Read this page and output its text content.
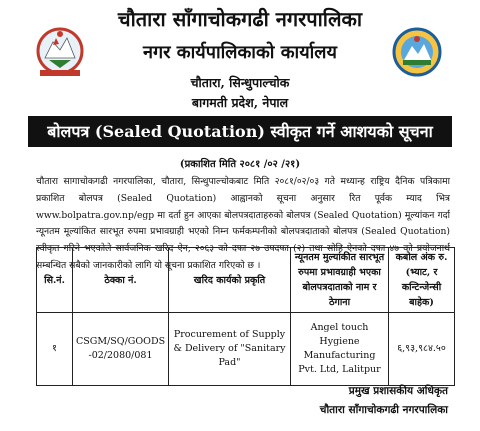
चौतारा साँगाचोकगढी नगरपालिका
नगर कार्यपालिकाको कार्यालय
चौतारा, सिन्धुपाल्चोक
बागमती प्रदेश, नेपाल
बोलपत्र (Sealed Quotation) स्वीकृत गर्ने आशयको सूचना
(प्रकाशित मिति २०८१ /०२ /२१)
चौतारा सागाचोकगढी नगरपालिका, चौतारा, सिन्धुपाल्चोकबाट मिति २०८१/०२/०३ गते मध्यान्ह राष्ट्रिय दैनिक पत्रिकामा प्रकाशित बोलपत्र (Sealed Quotation) आह्वानको सूचना अनुसार रित पूर्वक म्याद भित्र www.bolpatra.gov.np/egp मा दर्ता हुन आएका बोलपत्रदाताहरुको बोलपत्र (Sealed Quotation) मूल्यांकन गर्दा न्यूनतम मूल्यांकित सारभूत रुपमा प्रभावग्राही भएको निम्न फर्मकम्पनीको बोलपत्रदाताको बोलपत्र (Sealed Quotation) स्वीकृत गरिने भएकोले सार्वजनिक खरिद ऐन, २०६३ को दफा २७ उपदफा (२) तथा सोहि ऐनको दफा ४७ को प्रयोजनार्थ सम्बन्धित सबैको जानकारीको लागि यो सूचना प्रकाशित गरिएको छ ।
सि.नं.	ठेक्का नं.	खरिद कार्यको प्रकृति	न्यूनतम मुल्यांकीत सारभूत रुपमा प्रभावग्राही भएका बोलपत्रदाताको नाम र ठेगाना	कबोल अंक रु. (भ्याट, र कन्टिन्जेन्सी बाहेक)
१	CSGM/SQ/GOODS -02/2080/081	Procurement of Supply & Delivery of "Sanitary Pad"	Angel touch Hygiene Manufacturing Pvt. Ltd, Lalitpur	६,९३,९८४.५०
प्रमुख प्रशासकीय अधिकृत
चौतारा साँगाचोकगढी नगरपालिका
